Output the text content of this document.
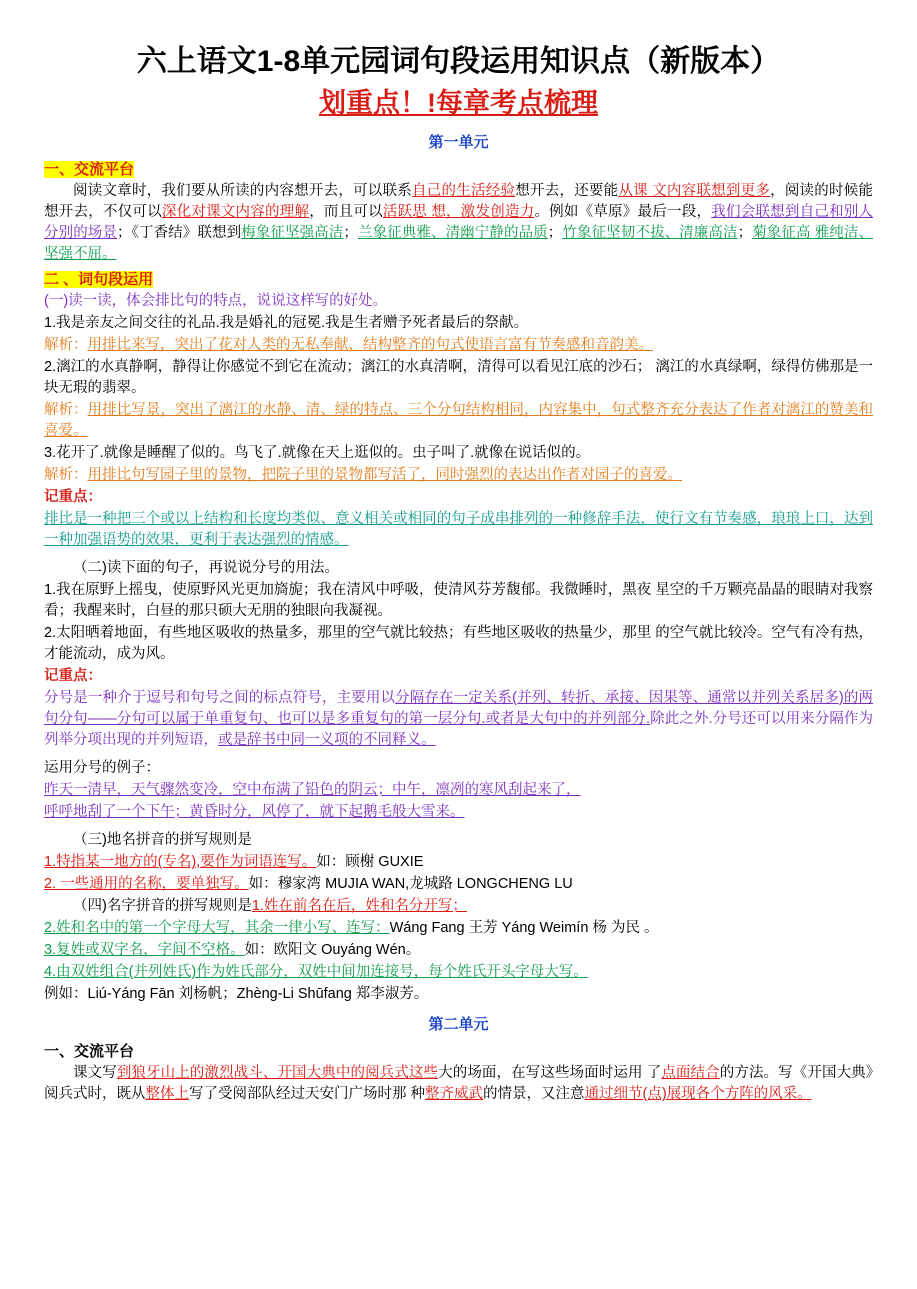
六上语文1-8单元园词句段运用知识点（新版本）
划重点！!每章考点梳理
第一单元
一、交流平台

阅读文章时，我们要从所读的内容想开去，可以联系自己的生活经验想开去，还要能从课 文内容联想到更多，阅读的时候能想开去，不仅可以深化对课文内容的理解，而且可以活跃思 想，激发创造力。例如《草原》最后一段，我们会联想到自己和别人分别的场景；《丁香结》联想到梅象征坚强高洁；兰象征典雅、清幽宁静的品质；竹象征坚韧不拔、清廉高洁；菊象征高 雅纯洁、坚强不屈。

二 、词句段运用

(一)读一读，体会排比句的特点，说说这样写的好处。

1.我是亲友之间交往的礼品.我是婚礼的冠冕.我是生者赠予死者最后的祭献。

解析：用排比来写，突出了花对人类的无私奉献，结构整齐的句式使语言富有节奏感和音韵美。

2.漓江的水真静啊，静得让你感觉不到它在流动；漓江的水真清啊，清得可以看见江底的沙石； 漓江的水真绿啊，绿得仿佛那是一块无瑕的翡翠。

解析：用排比写景，突出了漓江的水静、清、绿的特点、三个分句结构相同，内容集中，句式整齐充分表达了作者对漓江的赞美和喜爱。

3.花开了.就像是睡醒了似的。鸟飞了.就像在天上逛似的。虫子叫了.就像在说话似的。

解析：用排比句写园子里的景物，把院子里的景物都写活了，同时强烈的表达出作者对园子的喜爱。

记重点：

排比是一种把三个或以上结构和长度均类似、意义相关或相同的句子成串排列的一种修辞手法，使行文有节奏感，琅琅上口，达到一种加强语势的效果，更利于表达强烈的情感。

（二)读下面的句子，再说说分号的用法。

1.我在原野上摇曳，使原野风光更加旖旎；我在清风中呼吸，使清风芬芳馥郁。我微睡时，黑夜 星空的千万颗亮晶晶的眼睛对我察看；我醒来时，白昼的那只硕大无朋的独眼向我凝视。

2.太阳晒着地面，有些地区吸收的热量多，那里的空气就比较热；有些地区吸收的热量少，那里 的空气就比较冷。空气有冷有热，才能流动，成为风。

记重点：

分号是一种介于逗号和句号之间的标点符号，主要用以分隔存在一定关系(并列、转折、承接、因果等、通常以并列关系居多)的两句分句——分句可以属于单重复句、也可以是多重复句的第一层分句.或者是大句中的并列部分.除此之外.分号还可以用来分隔作为列举分项出现的并列短语，或是辞书中同一义项的不同释义。

运用分号的例子：

昨天一清早，天气骤然变冷，空中布满了铅色的阴云；中午，凛冽的寒风刮起来了，

呼呼地刮了一个下午；黄昏时分，风停了，就下起鹅毛般大雪来。

（三)地名拼音的拼写规则是

1.特指某一地方的(专名),要作为词语连写。如：顾榭 GUXIE

2. 一些通用的名称，要单独写。如：穆家湾 MUJIA WAN,龙城路 LONGCHENG LU

（四)名字拼音的拼写规则是1.姓在前名在后，姓和名分开写；

2.姓和名中的第一个字母大写，其余一律小写、连写：Wáng Fang 王芳 Yáng Weimín 杨 为民 。

3.复姓或双字名，字间不空格。如：欧阳文 Ouyáng Wén。

4.由双姓组合(并列姓氏)作为姓氏部分，双姓中间加连接号，每个姓氏开头字母大写。

例如：Liú-Yáng Fān 刘杨帆；Zhèng-Li Shūfang 郑李淑芳。

第二单元
一、交流平台

课文写到狼牙山上的激烈战斗、开国大典中的阅兵式这些大的场面，在写这些场面时运用 了点面结合的方法。写《开国大典》阅兵式时，既从整体上写了受阅部队经过天安门广场时那 种整齐威武的情景，又注意通过细节(点)展现各个方阵的风采。
